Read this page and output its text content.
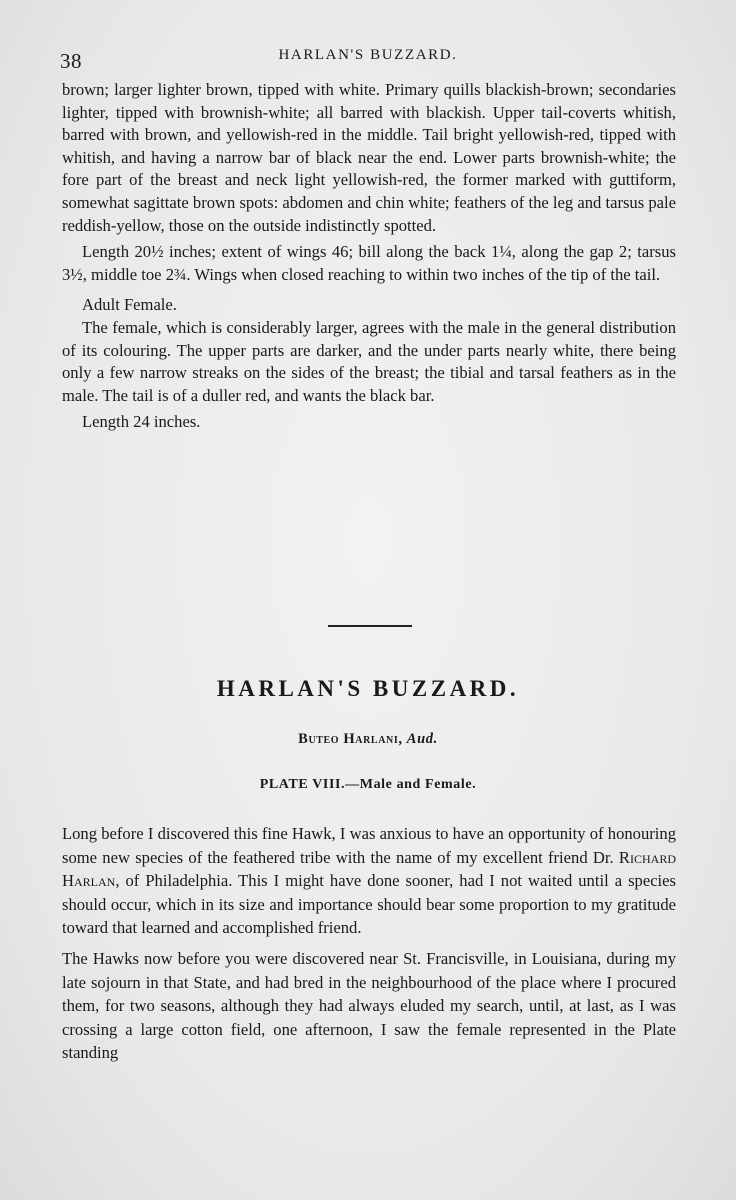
38	HARLAN'S BUZZARD.

brown; larger lighter brown, tipped with white. Primary quills blackish-brown; secondaries lighter, tipped with brownish-white; all barred with blackish. Upper tail-coverts whitish, barred with brown, and yellowish-red in the middle. Tail bright yellowish-red, tipped with whitish, and having a narrow bar of black near the end. Lower parts brownish-white; the fore part of the breast and neck light yellowish-red, the former marked with guttiform, somewhat sagittate brown spots: abdomen and chin white; feathers of the leg and tarsus pale reddish-yellow, those on the outside indistinctly spotted.

Length 20½ inches; extent of wings 46; bill along the back 1¼, along the gap 2; tarsus 3½, middle toe 2¾. Wings when closed reaching to within two inches of the tip of the tail.

Adult Female.

The female, which is considerably larger, agrees with the male in the general distribution of its colouring. The upper parts are darker, and the under parts nearly white, there being only a few narrow streaks on the sides of the breast; the tibial and tarsal feathers as in the male. The tail is of a duller red, and wants the black bar.

Length 24 inches.

HARLAN'S BUZZARD.
Buteo Harlani, Aud.
PLATE VIII.—Male and Female.

Long before I discovered this fine Hawk, I was anxious to have an opportunity of honouring some new species of the feathered tribe with the name of my excellent friend Dr. Richard Harlan, of Philadelphia. This I might have done sooner, had I not waited until a species should occur, which in its size and importance should bear some proportion to my gratitude toward that learned and accomplished friend.

The Hawks now before you were discovered near St. Francisville, in Louisiana, during my late sojourn in that State, and had bred in the neighbourhood of the place where I procured them, for two seasons, although they had always eluded my search, until, at last, as I was crossing a large cotton field, one afternoon, I saw the female represented in the Plate standing
